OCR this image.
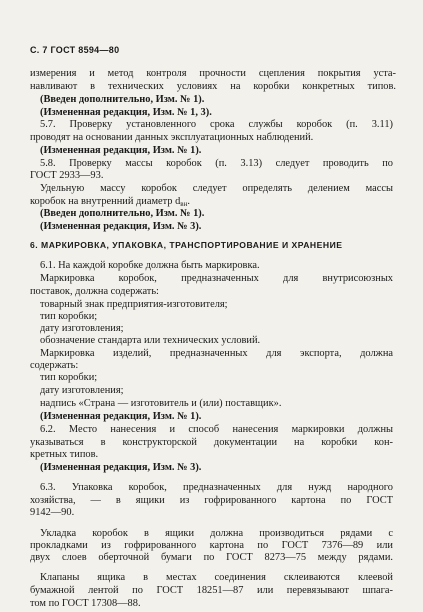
С. 7 ГОСТ 8594—80
измерения и метод контроля прочности сцепления покрытия уста-
навливают в технических условиях на коробки конкретных типов.
(Введен дополнительно, Изм. № 1).
(Измененная редакция, Изм. № 1, 3).
5.7. Проверку установленного срока службы коробок (п. 3.11)
проводят на основании данных эксплуатационных наблюдений.
(Измененная редакция, Изм. № 1).
5.8. Проверку массы коробок (п. 3.13) следует проводить по
ГОСТ 2933—93.
Удельную массу коробок следует определять делением массы
коробок на внутренний диаметр $d_{вн}$.
(Введен дополнительно, Изм. № 1).
(Измененная редакция, Изм. № 3).
6. МАРКИРОВКА, УПАКОВКА, ТРАНСПОРТИРОВАНИЕ И ХРАНЕНИЕ
6.1. На каждой коробке должна быть маркировка.
Маркировка коробок, предназначенных для внутрисоюзных
поставок, должна содержать:
товарный знак предприятия-изготовителя;
тип коробки;
дату изготовления;
обозначение стандарта или технических условий.
Маркировка изделий, предназначенных для экспорта, должна
содержать:
тип коробки;
дату изготовления;
надпись «Страна — изготовитель и (или) поставщик».
(Измененная редакция, Изм. № 1).
6.2. Место нанесения и способ нанесения маркировки должны
указываться в конструкторской документации на коробки кон-
кретных типов.
(Измененная редакция, Изм. № 3).
6.3. Упаковка коробок, предназначенных для нужд народного
хозяйства, — в ящики из гофрированного картона по ГОСТ
9142—90.
Укладка коробок в ящики должна производиться рядами с
прокладками из гофрированного картона по ГОСТ 7376—89 или
двух слоев оберточной бумаги по ГОСТ 8273—75 между рядами.
Клапаны ящика в местах соединения склеиваются клеевой
бумажной лентой по ГОСТ 18251—87 или перевязывают шпага-
том по ГОСТ 17308—88.
